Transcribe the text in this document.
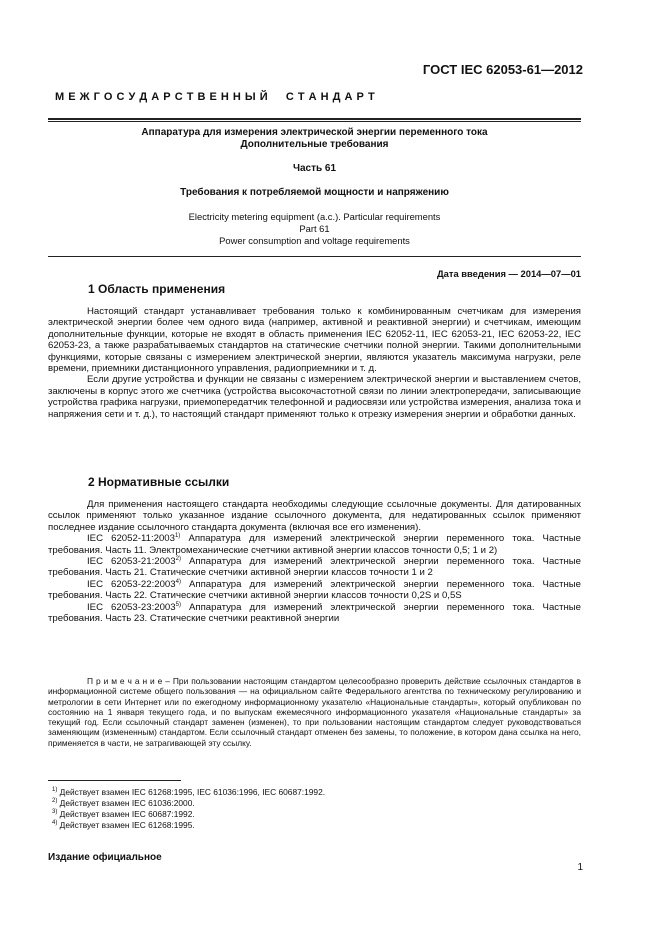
ГОСТ IEC 62053-61—2012
М Е Ж Г О С У Д А Р С Т В Е Н Н Ы Й     С Т А Н Д А Р Т
Аппаратура для измерения электрической энергии переменного тока
Дополнительные требования
Часть 61
Требования к потребляемой мощности и напряжению
Electricity metering equipment (a.c.). Particular requirements
Part 61
Power consumption and voltage requirements
Дата введения — 2014—07—01
1 Область применения

Настоящий стандарт устанавливает требования только к комбинированным счетчикам для измерения электрической энергии более чем одного вида (например, активной и реактивной энергии) и счетчикам, имеющим дополнительные функции, которые не входят в область применения IEC 62052-11, IEC 62053-21, IEC 62053-22, IEC 62053-23, а также разрабатываемых стандартов на статические счетчики полной энергии. Такими дополнительными функциями, которые связаны с измерением электрической энергии, являются указатель максимума нагрузки, реле времени, приемники дистанционного управления, радиоприемники и т. д.

Если другие устройства и функции не связаны с измерением электрической энергии и выставлением счетов, заключены в корпус этого же счетчика (устройства высокочастотной связи по линии электропередачи, записывающие устройства графика нагрузки, приемопередатчик телефонной и радиосвязи или устройства измерения, анализа тока и напряжения сети и т. д.), то настоящий стандарт применяют только к отрезку измерения энергии и обработки данных.

2 Нормативные ссылки

Для применения настоящего стандарта необходимы следующие ссылочные документы. Для датированных ссылок применяют только указанное издание ссылочного документа, для недатированных ссылок применяют последнее издание ссылочного стандарта документа (включая все его изменения).

IEC 62052-11:2003$^{1)}$ Аппаратура для измерений электрической энергии переменного тока. Частные требования. Часть 11. Электромеханические счетчики активной энергии классов точности 0,5; 1 и 2)

IEC 62053-21:2003$^{2)}$ Аппаратура для измерений электрической энергии переменного тока. Частные требования. Часть 21. Статические счетчики активной энергии классов точности 1 и 2

IEC 62053-22:2003$^{4)}$ Аппаратура для измерений электрической энергии переменного тока. Частные требования. Часть 22. Статические счетчики активной энергии классов точности 0,2S и 0,5S

IEC 62053-23:2003$^{5)}$ Аппаратура для измерений электрической энергии переменного тока. Частные требования. Часть 23. Статические счетчики реактивной энергии

П р и м е ч а н и е – При пользовании настоящим стандартом целесообразно проверить действие ссылочных стандартов в информационной системе общего пользования — на официальном сайте Федерального агентства по техническому регулированию и метрологии в сети Интернет или по ежегодному информационному указателю «Национальные стандарты», который опубликован по состоянию на 1 января текущего года, и по выпускам ежемесячного информационного указателя «Национальные стандарты» за текущий год. Если ссылочный стандарт заменен (изменен), то при пользовании настоящим стандартом следует руководствоваться заменяющим (измененным) стандартом. Если ссылочный стандарт отменен без замены, то положение, в котором дана ссылка на него, применяется в части, не затрагивающей эту ссылку.

$^{1)}$ Действует взамен IEC 61268:1995, IEC 61036:1996, IEC 60687:1992.
$^{2)}$ Действует взамен IEC 61036:2000.
$^{3)}$ Действует взамен IEC 60687:1992.
$^{4)}$ Действует взамен IEC 61268:1995.
Издание официальное
1
